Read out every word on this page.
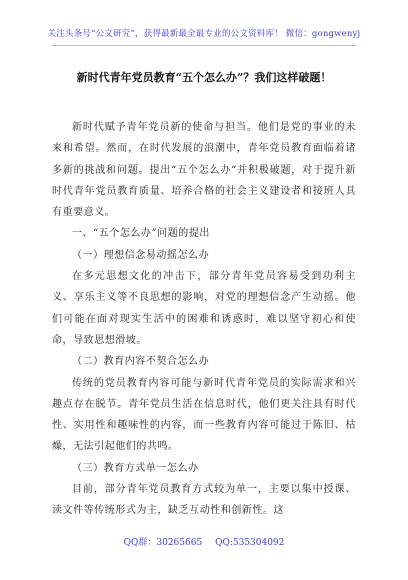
关注头条号“公文研究”，获得最新最全最专业的公文资料库！ 微信：gongwenyj
新时代青年党员教育“五个怎么办”？我们这样破题！

新时代赋予青年党员新的使命与担当。他们是党的事业的未来和希望。然而，在时代发展的浪潮中，青年党员教育面临着诸多新的挑战和问题。提出“五个怎么办”并积极破题，对于提升新时代青年党员教育质量、培养合格的社会主义建设者和接班人具有重要意义。

一、“五个怎么办”问题的提出

（一）理想信念易动摇怎么办

在多元思想文化的冲击下，部分青年党员容易受到功利主义、享乐主义等不良思想的影响，对党的理想信念产生动摇。他们可能在面对现实生活中的困难和诱惑时，难以坚守初心和使命，导致思想滑坡。

（二）教育内容不契合怎么办

传统的党员教育内容可能与新时代青年党员的实际需求和兴趣点存在脱节。青年党员生活在信息时代，他们更关注具有时代性、实用性和趣味性的内容，而一些教育内容可能过于陈旧、枯燥，无法引起他们的共鸣。

（三）教育方式单一怎么办

目前，部分青年党员教育方式较为单一，主要以集中授课、读文件等传统形式为主，缺乏互动性和创新性。这

QQ群：30265665 QQ:535304092
